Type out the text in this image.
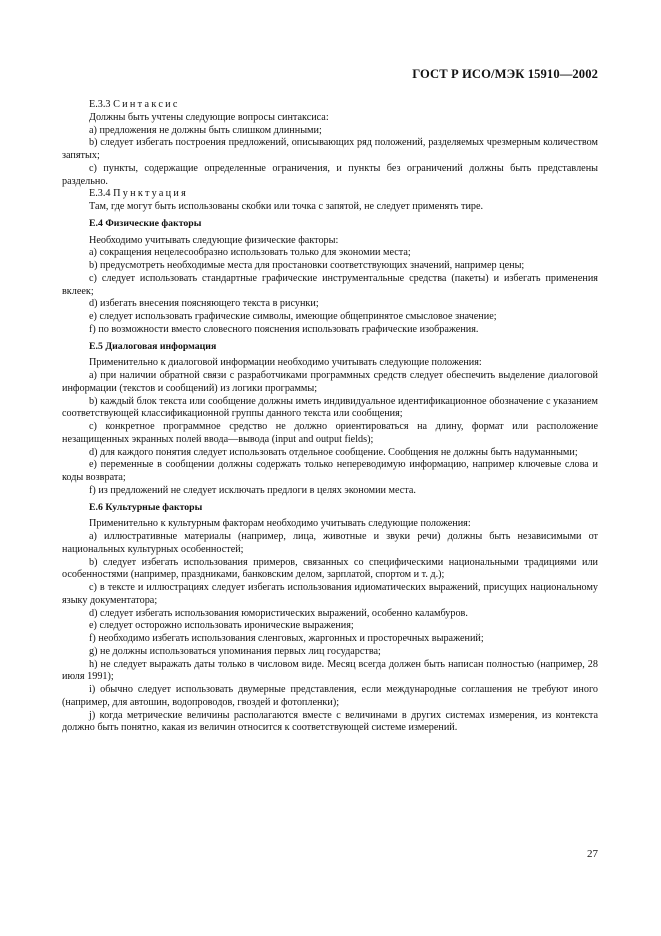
ГОСТ Р ИСО/МЭК 15910—2002
Е.3.3 Синтаксис

Должны быть учтены следующие вопросы синтаксиса:

a) предложения не должны быть слишком длинными;

b) следует избегать построения предложений, описывающих ряд положений, разделяемых чрезмерным количеством запятых;

c) пункты, содержащие определенные ограничения, и пункты без ограничений должны быть представлены раздельно.

Е.3.4 Пунктуация

Там, где могут быть использованы скобки или точка с запятой, не следует применять тире.

Е.4 Физические факторы

Необходимо учитывать следующие физические факторы:

a) сокращения нецелесообразно использовать только для экономии места;

b) предусмотреть необходимые места для простановки соответствующих значений, например цены;

c) следует использовать стандартные графические инструментальные средства (пакеты) и избегать применения вклеек;

d) избегать внесения поясняющего текста в рисунки;

e) следует использовать графические символы, имеющие общепринятое смысловое значение;

f) по возможности вместо словесного пояснения использовать графические изображения.

Е.5 Диалоговая информация

Применительно к диалоговой информации необходимо учитывать следующие положения:

a) при наличии обратной связи с разработчиками программных средств следует обеспечить выделение диалоговой информации (текстов и сообщений) из логики программы;

b) каждый блок текста или сообщение должны иметь индивидуальное идентификационное обозначение с указанием соответствующей классификационной группы данного текста или сообщения;

c) конкретное программное средство не должно ориентироваться на длину, формат или расположение незащищенных экранных полей ввода—вывода (input and output fields);

d) для каждого понятия следует использовать отдельное сообщение. Сообщения не должны быть надуманными;

e) переменные в сообщении должны содержать только непереводимую информацию, например ключевые слова и коды возврата;

f) из предложений не следует исключать предлоги в целях экономии места.

Е.6 Культурные факторы

Применительно к культурным факторам необходимо учитывать следующие положения:

a) иллюстративные материалы (например, лица, животные и звуки речи) должны быть независимыми от национальных культурных особенностей;

b) следует избегать использования примеров, связанных со специфическими национальными традициями или особенностями (например, праздниками, банковским делом, зарплатой, спортом и т. д.);

c) в тексте и иллюстрациях следует избегать использования идиоматических выражений, присущих национальному языку документатора;

d) следует избегать использования юмористических выражений, особенно каламбуров.

e) следует осторожно использовать иронические выражения;

f) необходимо избегать использования сленговых, жаргонных и просторечных выражений;

g) не должны использоваться упоминания первых лиц государства;

h) не следует выражать даты только в числовом виде. Месяц всегда должен быть написан полностью (например, 28 июля 1991);

i) обычно следует использовать двумерные представления, если международные соглашения не требуют иного (например, для автошин, водопроводов, гвоздей и фотопленки);

j) когда метрические величины располагаются вместе с величинами в других системах измерения, из контекста должно быть понятно, какая из величин относится к соответствующей системе измерений.

27
